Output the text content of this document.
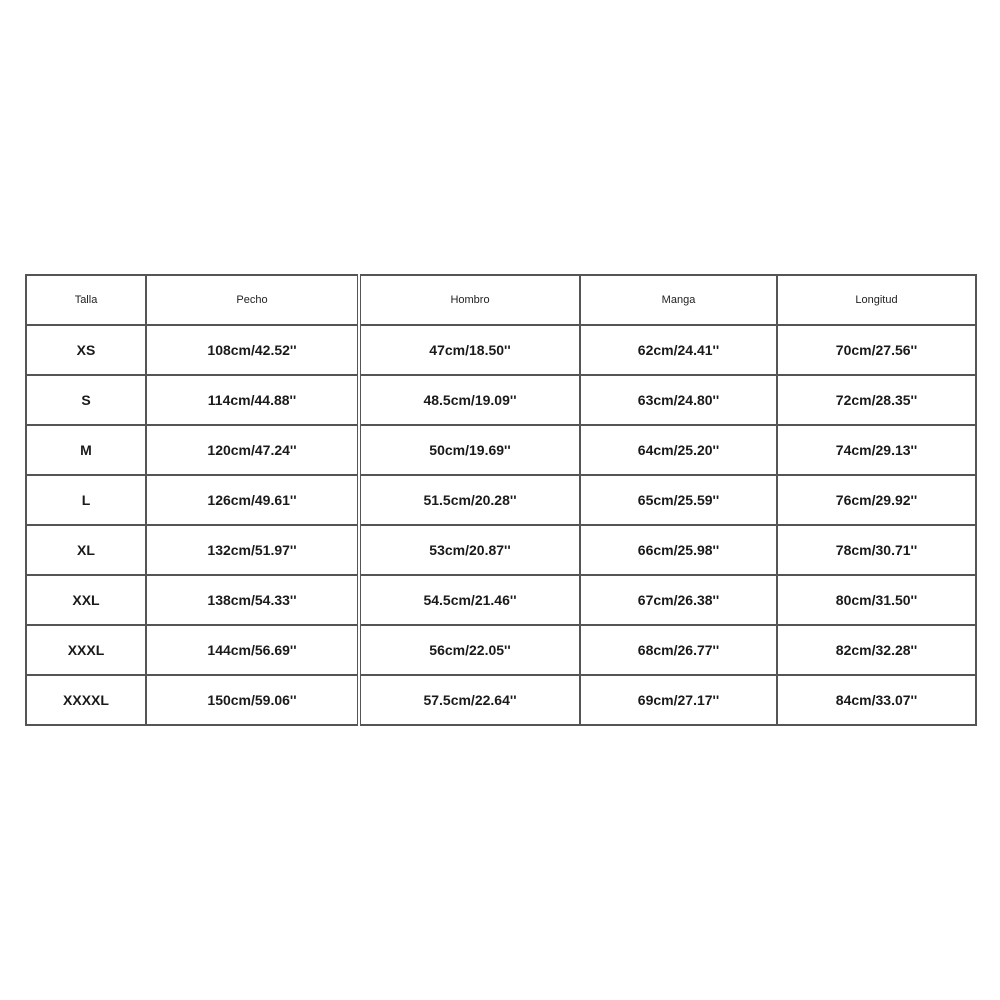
Talla	Pecho	Hombro	Manga	Longitud
XS	108cm/42.52''	47cm/18.50''	62cm/24.41''	70cm/27.56''
S	114cm/44.88''	48.5cm/19.09''	63cm/24.80''	72cm/28.35''
M	120cm/47.24''	50cm/19.69''	64cm/25.20''	74cm/29.13''
L	126cm/49.61''	51.5cm/20.28''	65cm/25.59''	76cm/29.92''
XL	132cm/51.97''	53cm/20.87''	66cm/25.98''	78cm/30.71''
XXL	138cm/54.33''	54.5cm/21.46''	67cm/26.38''	80cm/31.50''
XXXL	144cm/56.69''	56cm/22.05''	68cm/26.77''	82cm/32.28''
XXXXL	150cm/59.06''	57.5cm/22.64''	69cm/27.17''	84cm/33.07''
